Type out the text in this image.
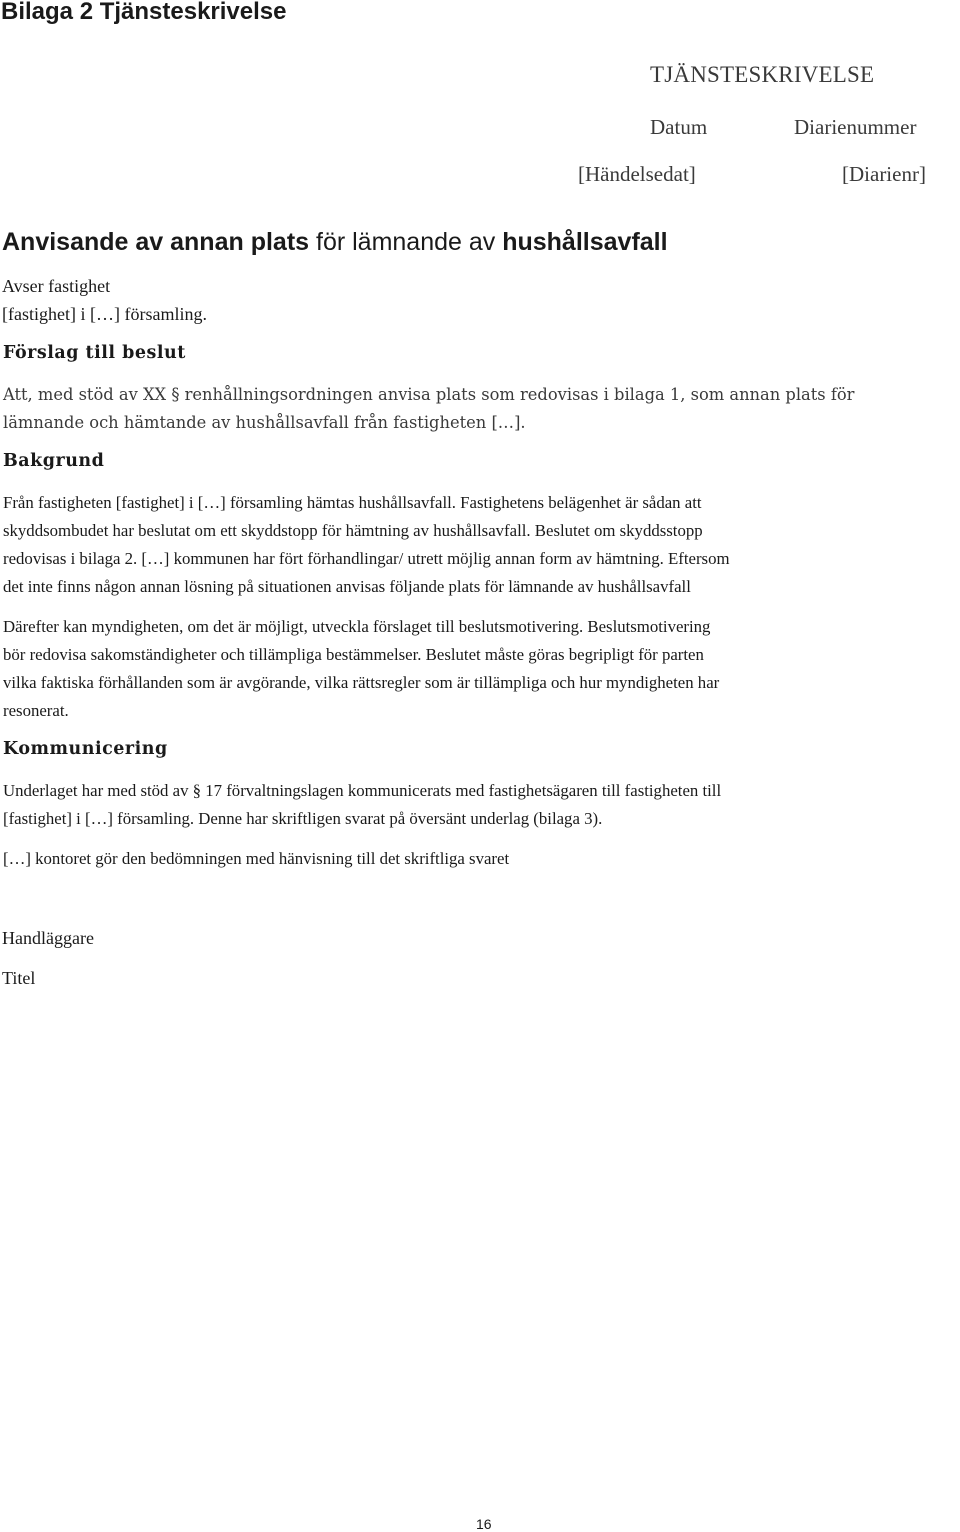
Bilaga 2 Tjänsteskrivelse
TJÄNSTESKRIVELSE
Datum	Diarienummer
[Händelsedat]	[Diarienr]
Anvisande av annan plats för lämnande av hushållsavfall
Avser fastighet
[fastighet] i […] församling.
Förslag till beslut
Att, med stöd av XX § renhållningsordningen anvisa plats som redovisas i bilaga 1, som annan plats för
lämnande och hämtande av hushållsavfall från fastigheten […].
Bakgrund
Från fastigheten [fastighet] i […] församling hämtas hushållsavfall. Fastighetens belägenhet är sådan att
skyddsombudet har beslutat om ett skyddstopp för hämtning av hushållsavfall. Beslutet om skyddsstopp
redovisas i bilaga 2. […] kommunen har fört förhandlingar/ utrett möjlig annan form av hämtning. Eftersom
det inte finns någon annan lösning på situationen anvisas följande plats för lämnande av hushållsavfall
Därefter kan myndigheten, om det är möjligt, utveckla förslaget till beslutsmotivering. Beslutsmotivering
bör redovisa sakomständigheter och tillämpliga bestämmelser. Beslutet måste göras begripligt för parten
vilka faktiska förhållanden som är avgörande, vilka rättsregler som är tillämpliga och hur myndigheten har
resonerat.
Kommunicering
Underlaget har med stöd av § 17 förvaltningslagen kommunicerats med fastighetsägaren till fastigheten till
[fastighet] i […] församling. Denne har skriftligen svarat på översänt underlag (bilaga 3).
[…] kontoret gör den bedömningen med hänvisning till det skriftliga svaret
Handläggare
Titel
16
